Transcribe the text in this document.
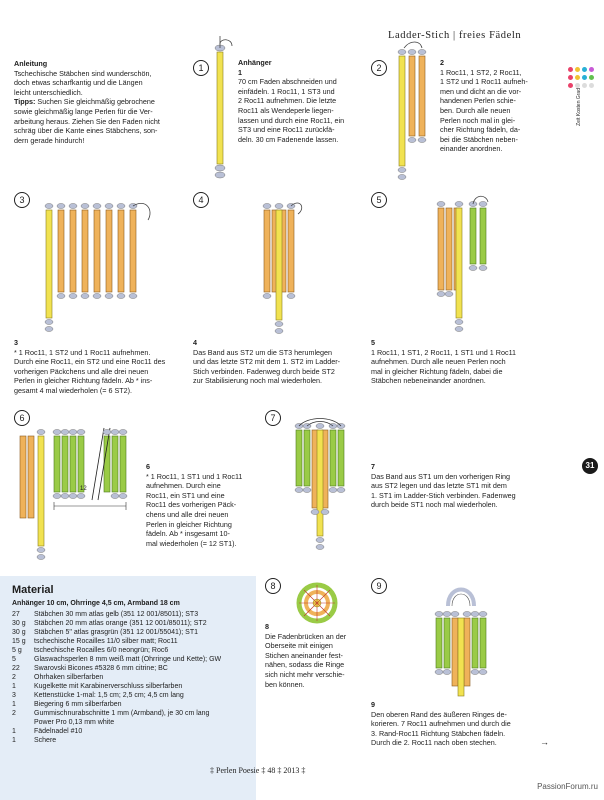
Ladder-Stich | freies Fädeln
Zeit Kosten Grad
Anleitung
Tschechische Stäbchen sind wunderschön,
doch etwas scharfkantig und die Längen
leicht unterschiedlich.
Tipps: Suchen Sie gleichmäßig gebrochene
sowie gleichmäßig lange Perlen für die Ver-
arbeitung heraus. Ziehen Sie den Faden nicht
schräg über die Kante eines Stäbchens, son-
dern gerade hindurch!
1
Anhänger
1
70 cm Faden abschneiden und
einfädeln. 1 Roc11, 1 ST3 und
2 Roc11 aufnehmen. Die letzte
Roc11 als Wendeperle liegen-
lassen und durch eine Roc11, ein
ST3 und eine Roc11 zurückfä-
deln. 30 cm Fadenende lassen.
2
2
1 Roc11, 1 ST2, 2 Roc11,
1 ST2 und 1 Roc11 aufneh-
men und dicht an die vor-
handenen Perlen schie-
ben. Durch alle neuen
Perlen noch mal in glei-
cher Richtung fädeln, da-
bei die Stäbchen neben-
einander anordnen.
3
3
* 1 Roc11, 1 ST2 und 1 Roc11 aufnehmen.
Durch eine Roc11, ein ST2 und eine Roc11 des
vorherigen Päckchens und alle drei neuen
Perlen in gleicher Richtung fädeln. Ab * ins-
gesamt 4 mal wiederholen (= 6 ST2).
4
4
Das Band aus ST2 um die ST3 herumlegen
und das letzte ST2 mit dem 1. ST2 im Ladder-
Stich verbinden. Fadenweg durch beide ST2
zur Stabilisierung noch mal wiederholen.
5
5
1 Roc11, 1 ST1, 2 Roc11, 1 ST1 und 1 Roc11
aufnehmen. Durch alle neuen Perlen noch
mal in gleicher Richtung fädeln, dabei die
Stäbchen nebeneinander anordnen.
6
12
6
* 1 Roc11, 1 ST1 und 1 Roc11
aufnehmen. Durch eine
Roc11, ein ST1 und eine
Roc11 des vorherigen Päck-
chens und alle drei neuen
Perlen in gleicher Richtung
fädeln. Ab * insgesamt 10-
mal wiederholen (= 12 ST1).
7
7
Das Band aus ST1 um den vorherigen Ring
aus ST2 legen und das letzte ST1 mit dem
1. ST1 im Ladder-Stich verbinden. Fadenweg
durch beide ST1 noch mal wiederholen.
31
Material
Anhänger 10 cm, Ohrringe 4,5 cm, Armband 18 cm
27 Stäbchen 30 mm atlas gelb (351 12 001/85011); ST3
30 g Stäbchen 20 mm atlas orange (351 12 001/85011); ST2
30 g Stäbchen 5" atlas grasgrün (351 12 001/55041); ST1
15 g tschechische Rocailles 11/0 silber matt; Roc11
5 g tschechische Rocailles 6/0 neongrün; Roc6
5	Glaswachsperlen 8 mm weiß matt (Ohrringe und Kette); GW
22 Swarovski Bicones #5328 6 mm citrine; BC
2	Ohrhaken silberfarben
1	Kugelkette mit Karabinerverschluss silberfarben
3	Kettenstücke 1-mal: 1,5 cm; 2,5 cm; 4,5 cm lang
1	Biegering 6 mm silberfarben
2	Gummischnurabschnitte 1 mm (Armband), je 30 cm lang
Power Pro 0,13 mm white
1	Fädelnadel #10
1	Schere
8
8
Die Fadenbrücken an der
Oberseite mit einigen
Stichen aneinander fest-
nähen, sodass die Ringe
sich nicht mehr verschie-
ben können.
9
9
Den oberen Rand des äußeren Ringes de-
korieren. 7 Roc11 aufnehmen und durch die
3. Rand-Roc11 Richtung Stäbchen fädeln.
Durch die 2. Roc11 nach oben stechen.	→
‡ Perlen Poesie ‡ 48 ‡ 2013 ‡
PassionForum.ru
